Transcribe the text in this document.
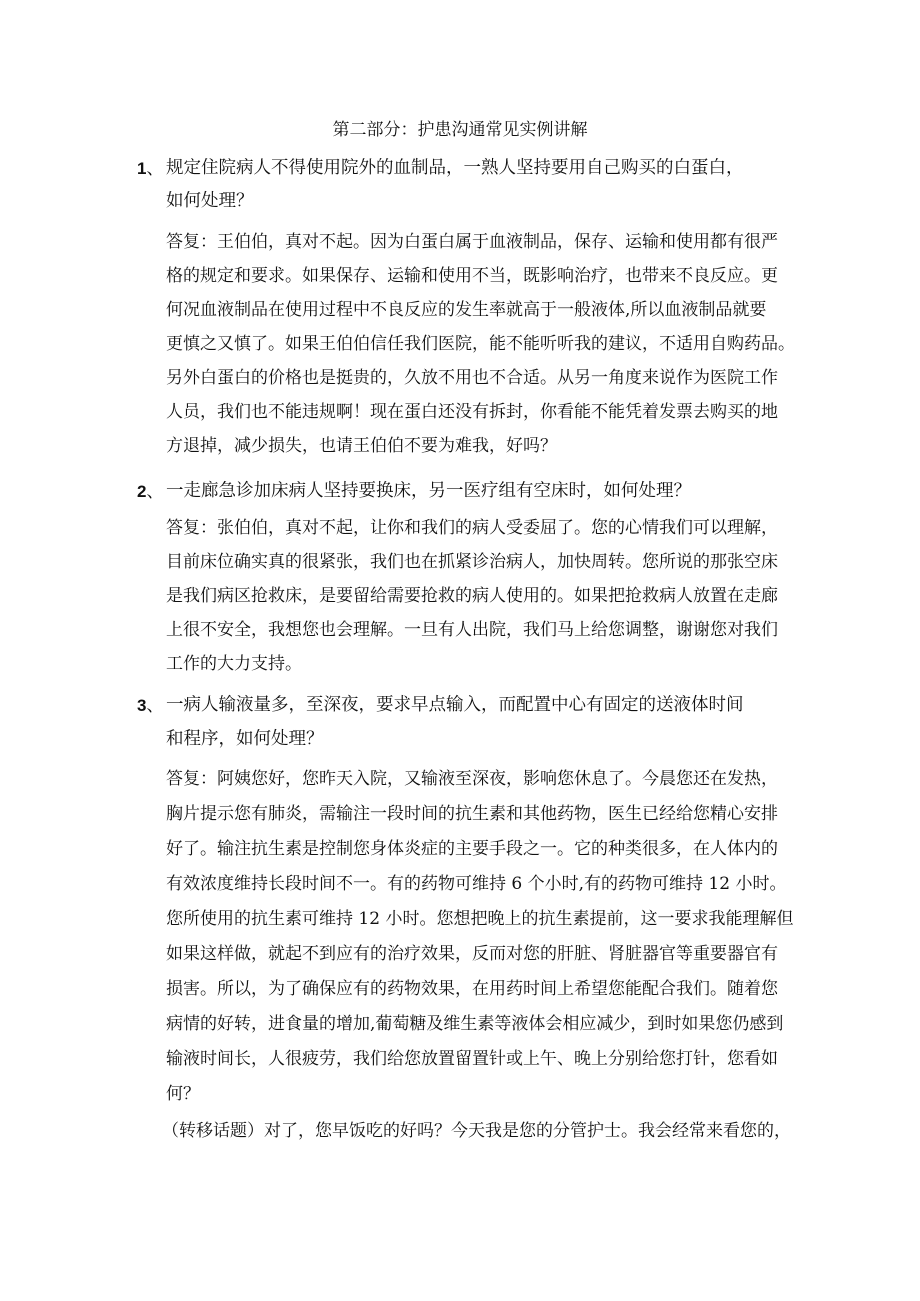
第二部分：护患沟通常见实例讲解
1、 规定住院病人不得使用院外的血制品，一熟人坚持要用自己购买的白蛋白，
如何处理？
答复：王伯伯，真对不起。因为白蛋白属于血液制品，保存、运输和使用都有很严
格的规定和要求。如果保存、运输和使用不当，既影响治疗，也带来不良反应。更
何况血液制品在使用过程中不良反应的发生率就高于一般液体,所以血液制品就要
更慎之又慎了。如果王伯伯信任我们医院，能不能听听我的建议，不适用自购药品。
另外白蛋白的价格也是挺贵的，久放不用也不合适。从另一角度来说作为医院工作
人员，我们也不能违规啊！现在蛋白还没有拆封，你看能不能凭着发票去购买的地
方退掉，减少损失，也请王伯伯不要为难我，好吗？
2、 一走廊急诊加床病人坚持要换床，另一医疗组有空床时，如何处理？
答复：张伯伯，真对不起，让你和我们的病人受委屈了。您的心情我们可以理解，
目前床位确实真的很紧张，我们也在抓紧诊治病人，加快周转。您所说的那张空床
是我们病区抢救床，是要留给需要抢救的病人使用的。如果把抢救病人放置在走廊
上很不安全，我想您也会理解。一旦有人出院，我们马上给您调整，谢谢您对我们
工作的大力支持。
3、 一病人输液量多，至深夜，要求早点输入，而配置中心有固定的送液体时间
和程序，如何处理？
答复：阿姨您好，您昨天入院，又输液至深夜，影响您休息了。今晨您还在发热，
胸片提示您有肺炎，需输注一段时间的抗生素和其他药物，医生已经给您精心安排
好了。输注抗生素是控制您身体炎症的主要手段之一。它的种类很多，在人体内的
有效浓度维持长段时间不一。有的药物可维持 6 个小时,有的药物可维持 12 小时。
您所使用的抗生素可维持 12 小时。您想把晚上的抗生素提前，这一要求我能理解但
如果这样做，就起不到应有的治疗效果，反而对您的肝脏、肾脏器官等重要器官有
损害。所以，为了确保应有的药物效果，在用药时间上希望您能配合我们。随着您
病情的好转，进食量的增加,葡萄糖及维生素等液体会相应减少，到时如果您仍感到
输液时间长，人很疲劳，我们给您放置留置针或上午、晚上分别给您打针，您看如
何？
（转移话题）对了，您早饭吃的好吗？今天我是您的分管护士。我会经常来看您的，
